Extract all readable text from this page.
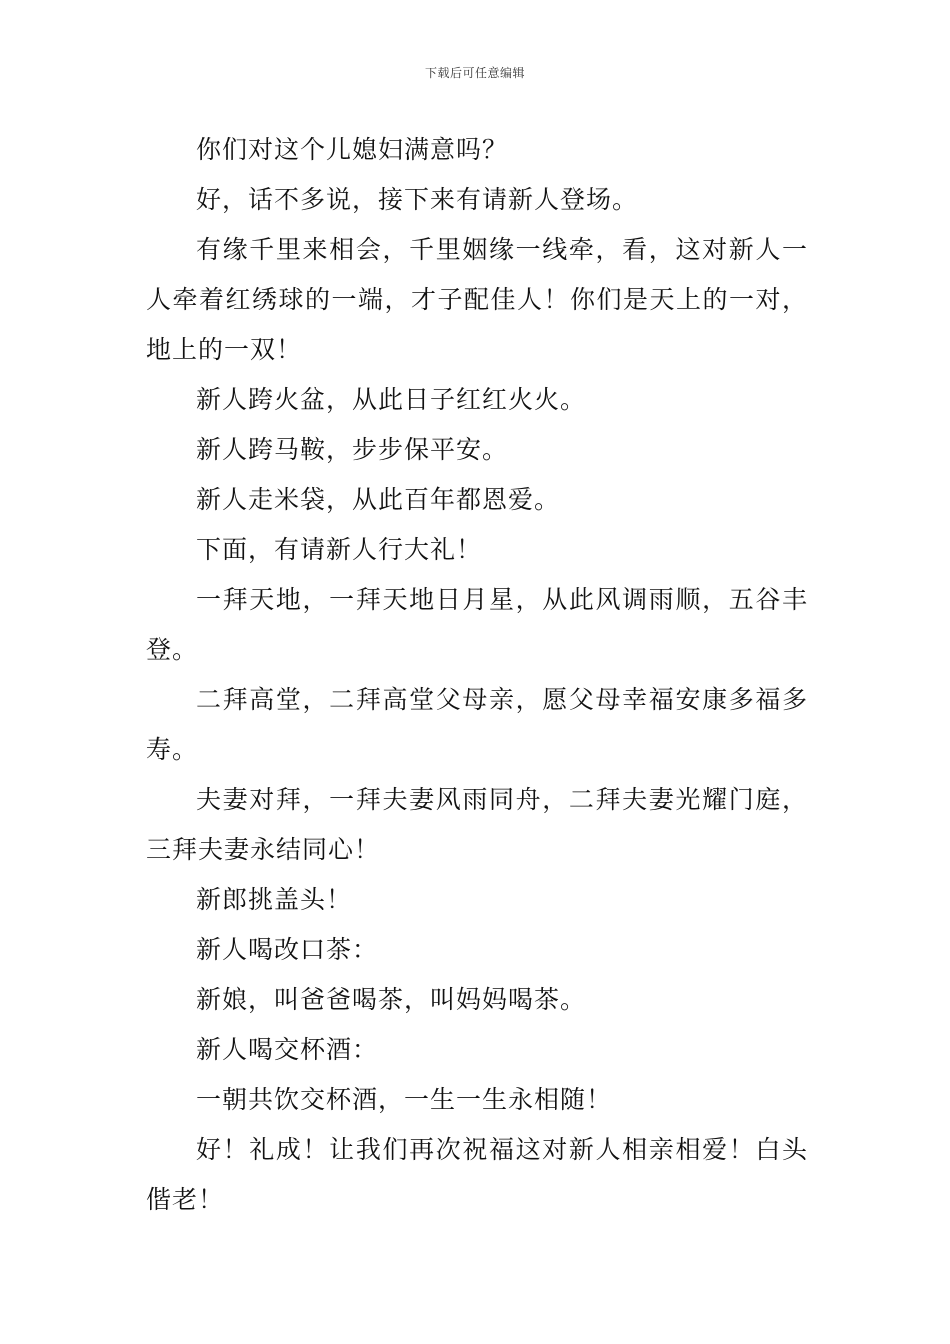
下载后可任意编辑

你们对这个儿媳妇满意吗？

好，话不多说，接下来有请新人登场。

有缘千里来相会，千里姻缘一线牵，看，这对新人一人牵着红绣球的一端，才子配佳人！你们是天上的一对，地上的一双！

新人跨火盆，从此日子红红火火。

新人跨马鞍，步步保平安。

新人走米袋，从此百年都恩爱。

下面，有请新人行大礼！

一拜天地，一拜天地日月星，从此风调雨顺，五谷丰登。

二拜高堂，二拜高堂父母亲，愿父母幸福安康多福多寿。

夫妻对拜，一拜夫妻风雨同舟，二拜夫妻光耀门庭，三拜夫妻永结同心！

新郎挑盖头！

新人喝改口茶：

新娘，叫爸爸喝茶，叫妈妈喝茶。

新人喝交杯酒：

一朝共饮交杯酒，一生一生永相随！

好！礼成！让我们再次祝福这对新人相亲相爱！白头偕老！
